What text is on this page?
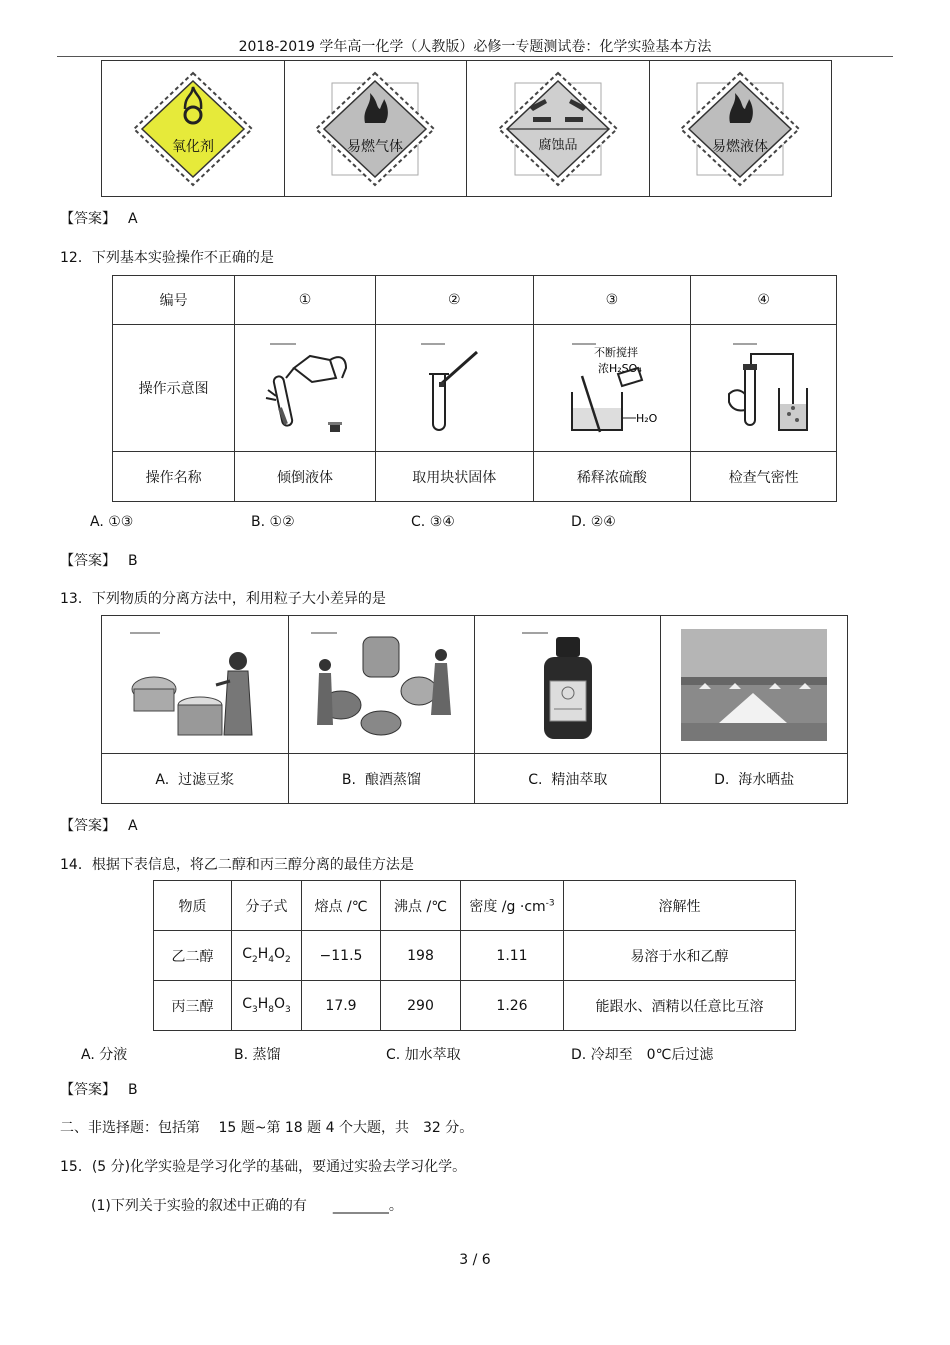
2018-2019 学年高一化学（人教版）必修一专题测试卷：化学实验基本方法
氧化剂	易燃气体	腐蚀品	易燃液体
【答案】 A
12．下列基本实验操作不正确的是
编号	①	②	③	④
操作示意图			不断搅拌
浓H₂SO₄
H₂O

操作名称	倾倒液体	取用块状固体	稀释浓硫酸	检查气密性
A. ①③	B. ①②	C. ③④	D. ②④
【答案】 B
13．下列物质的分离方法中，利用粒子大小差异的是

A. 过滤豆浆	B. 酿酒蒸馏	C. 精油萃取	D. 海水晒盐
【答案】 A
14．根据下表信息，将乙二醇和丙三醇分离的最佳方法是
物质	分子式	熔点 /℃	沸点 /℃	密度 $/g \cdot cm^{-3}$	溶解性
乙二醇	$C_2H_4O_2$	−11.5	198	1.11	易溶于水和乙醇
丙三醇	$C_3H_8O_3$	17.9	290	1.26	能跟水、酒精以任意比互溶
A. 分液	B. 蒸馏	C. 加水萃取	D. 冷却至　0℃后过滤
【答案】 B
二、非选择题：包括第　 15 题~第 18 题 4 个大题，共　32 分。
15．(5 分)化学实验是学习化学的基础，要通过实验去学习化学。
(1)下列关于实验的叙述中正确的有 ________。
3 / 6
